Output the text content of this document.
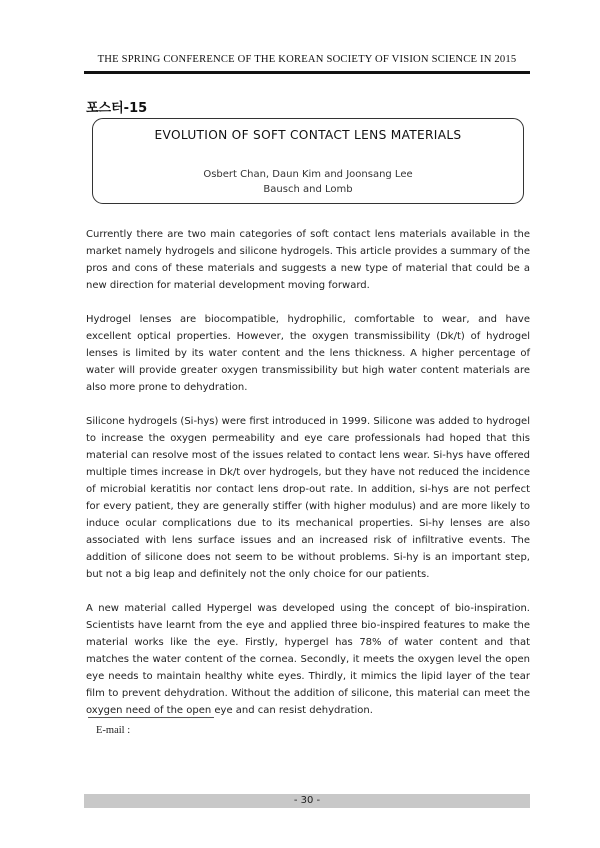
THE SPRING CONFERENCE OF THE KOREAN SOCIETY OF VISION SCIENCE IN 2015
포스터-15
EVOLUTION OF SOFT CONTACT LENS MATERIALS
Osbert Chan, Daun Kim and Joonsang Lee
Bausch and Lomb

Currently there are two main categories of soft contact lens materials available in the market namely hydrogels and silicone hydrogels. This article provides a summary of the pros and cons of these materials and suggests a new type of material that could be a new direction for material development moving forward.

Hydrogel lenses are biocompatible, hydrophilic, comfortable to wear, and have excellent optical properties. However, the oxygen transmissibility (Dk/t) of hydrogel lenses is limited by its water content and the lens thickness. A higher percentage of water will provide greater oxygen transmissibility but high water content materials are also more prone to dehydration.

Silicone hydrogels (Si-hys) were first introduced in 1999. Silicone was added to hydrogel to increase the oxygen permeability and eye care professionals had hoped that this material can resolve most of the issues related to contact lens wear. Si-hys have offered multiple times increase in Dk/t over hydrogels, but they have not reduced the incidence of microbial keratitis nor contact lens drop-out rate. In addition, si-hys are not perfect for every patient, they are generally stiffer (with higher modulus) and are more likely to induce ocular complications due to its mechanical properties. Si-hy lenses are also associated with lens surface issues and an increased risk of infiltrative events. The addition of silicone does not seem to be without problems. Si-hy is an important step, but not a big leap and definitely not the only choice for our patients.

A new material called Hypergel was developed using the concept of bio-inspiration. Scientists have learnt from the eye and applied three bio-inspired features to make the material works like the eye. Firstly, hypergel has 78% of water content and that matches the water content of the cornea. Secondly, it meets the oxygen level the open eye needs to maintain healthy white eyes. Thirdly, it mimics the lipid layer of the tear film to prevent dehydration. Without the addition of silicone, this material can meet the oxygen need of the open eye and can resist dehydration.

E-mail :
- 30 -
